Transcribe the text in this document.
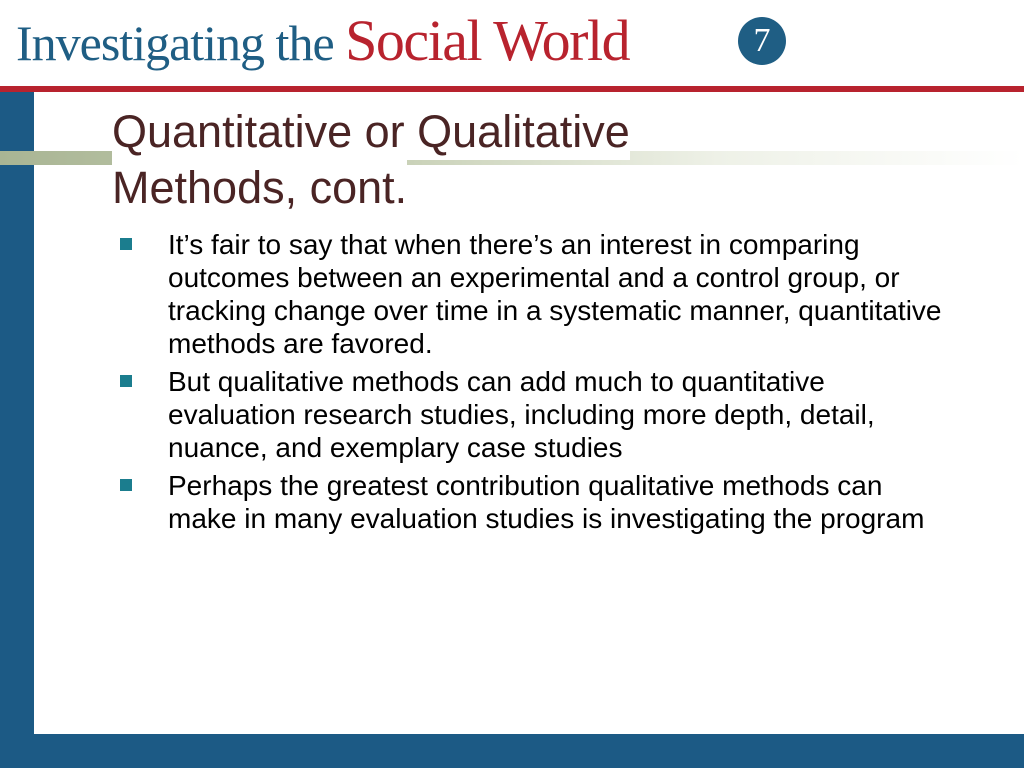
Investigating the Social World	7
Quantitative or Qualitative
Methods, cont.
It’s fair to say that when there’s an interest in comparing outcomes between an experimental and a control group, or tracking change over time in a systematic manner, quantitative methods are favored.
But qualitative methods can add much to quantitative evaluation research studies, including more depth, detail, nuance, and exemplary case studies
Perhaps the greatest contribution qualitative methods can make in many evaluation studies is investigating the program
